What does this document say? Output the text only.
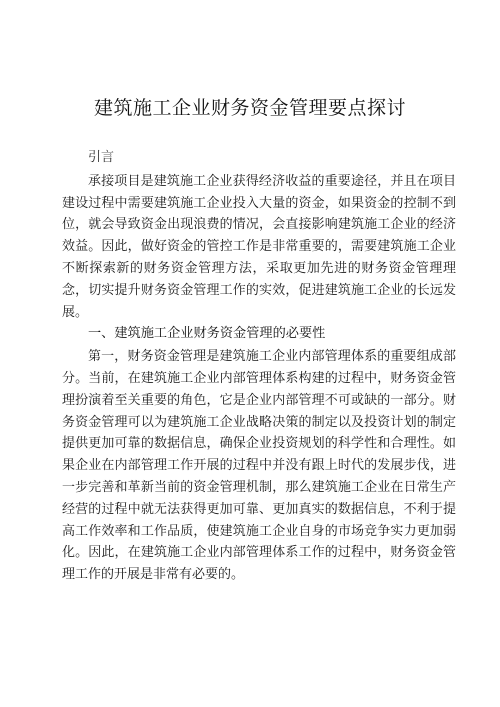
建筑施工企业财务资金管理要点探讨

引言

承接项目是建筑施工企业获得经济收益的重要途径，并且在项目建设过程中需要建筑施工企业投入大量的资金，如果资金的控制不到位，就会导致资金出现浪费的情况，会直接影响建筑施工企业的经济效益。因此，做好资金的管控工作是非常重要的，需要建筑施工企业不断探索新的财务资金管理方法，采取更加先进的财务资金管理理念，切实提升财务资金管理工作的实效，促进建筑施工企业的长远发展。

一、建筑施工企业财务资金管理的必要性

第一，财务资金管理是建筑施工企业内部管理体系的重要组成部分。当前，在建筑施工企业内部管理体系构建的过程中，财务资金管理扮演着至关重要的角色，它是企业内部管理不可或缺的一部分。财务资金管理可以为建筑施工企业战略决策的制定以及投资计划的制定提供更加可靠的数据信息，确保企业投资规划的科学性和合理性。如果企业在内部管理工作开展的过程中并没有跟上时代的发展步伐，进一步完善和革新当前的资金管理机制，那么建筑施工企业在日常生产经营的过程中就无法获得更加可靠、更加真实的数据信息，不利于提高工作效率和工作品质，使建筑施工企业自身的市场竞争实力更加弱化。因此，在建筑施工企业内部管理体系工作的过程中，财务资金管理工作的开展是非常有必要的。
